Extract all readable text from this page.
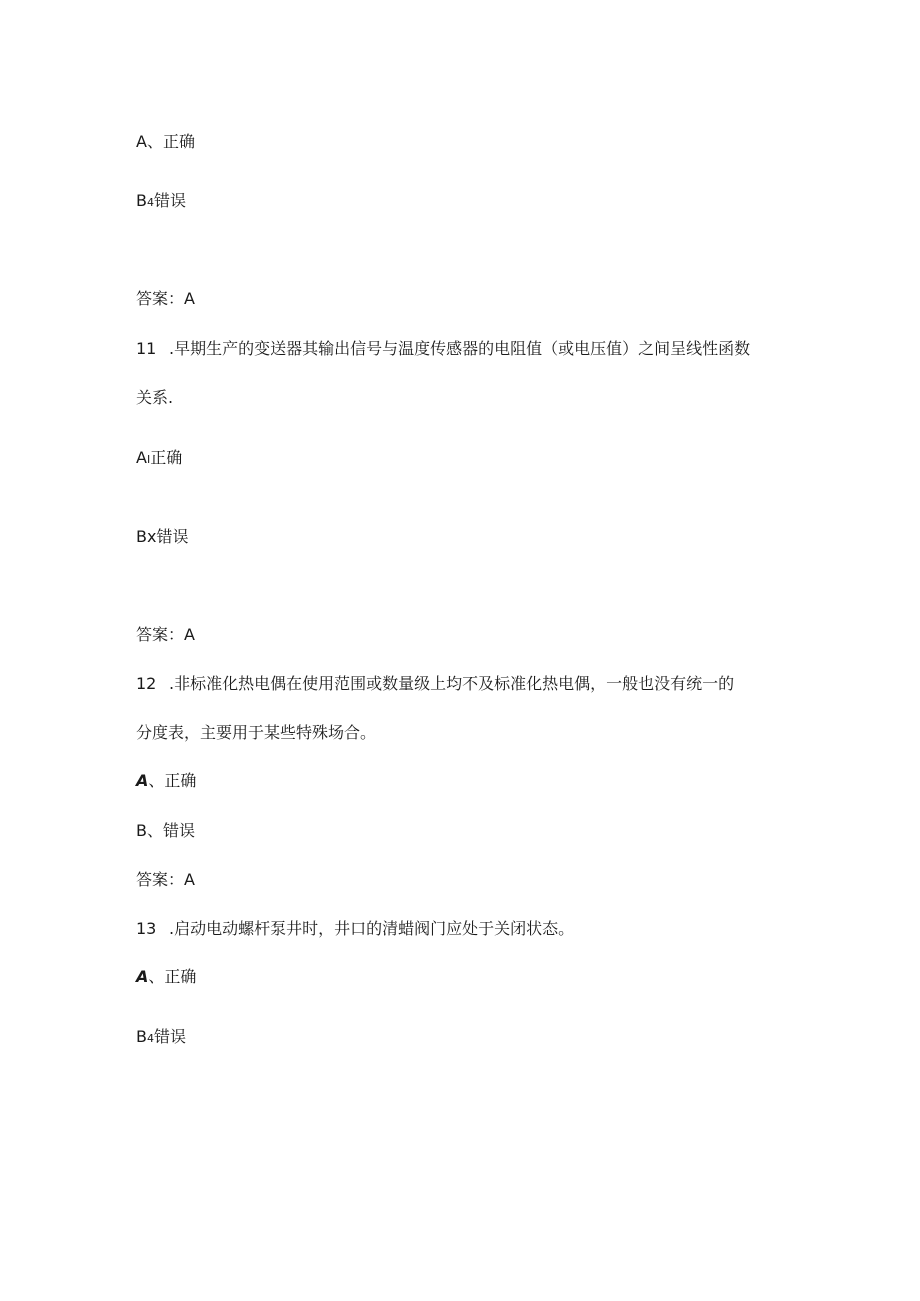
A、正确
B4错误
答案：A
11 .早期生产的变送器其输出信号与温度传感器的电阻值（或电压值）之间呈线性函数
关系.
AI正确
Bx错误
答案：A
12 .非标准化热电偶在使用范围或数量级上均不及标准化热电偶，一般也没有统一的
分度表，主要用于某些特殊场合。
A、正确
B、错误
答案：A
13 .启动电动螺杆泵井时，井口的清蜡阀门应处于关闭状态。
A、正确
B4错误
